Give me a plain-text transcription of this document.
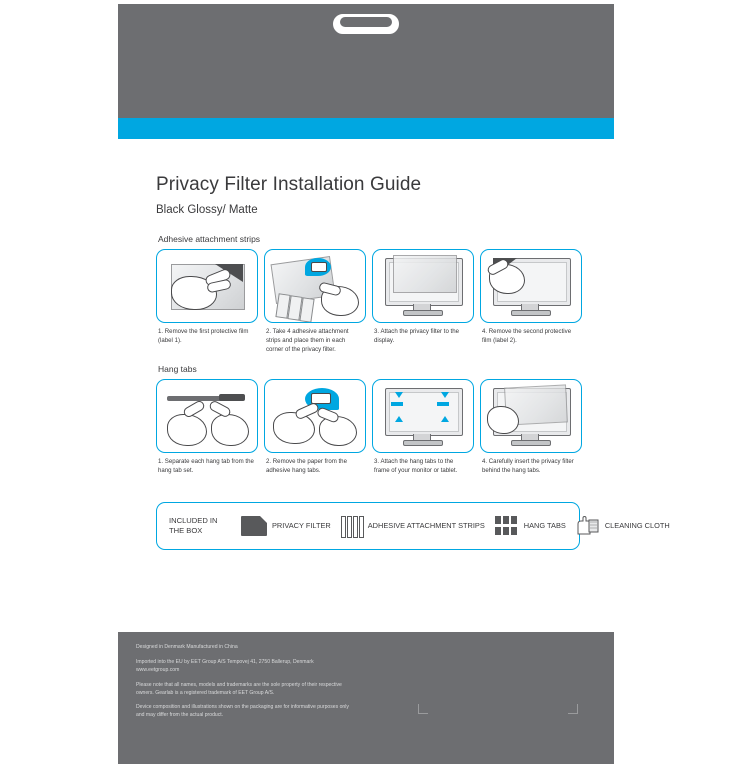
Privacy Filter Installation Guide
Black Glossy/ Matte
Adhesive attachment strips
1. Remove the first protective film (label 1).
2. Take 4 adhesive attachment strips and place them in each corner of the privacy filter.
3. Attach the privacy filter to the display.
4. Remove the second protective film (label 2).
Hang tabs
1. Separate each hang tab from the hang tab set.
2. Remove the paper from the adhesive hang tabs.
3. Attach the hang tabs to the frame of your monitor or tablet.
4. Carefully insert the privacy filter behind the hang tabs.
INCLUDED IN THE BOX
PRIVACY FILTER	ADHESIVE ATTACHMENT STRIPS	HANG TABS	CLEANING CLOTH

Designed in Denmark Manufactured in China

Imported into the EU by EET Group A/S Tempovej 41, 2750 Ballerup, Denmark www.eetgroup.com

Please note that all names, models and trademarks are the sole property of their respective owners. Gearlab is a registered trademark of EET Group A/S.

Device composition and illustrations shown on the packaging are for informative purposes only and may differ from the actual product.
